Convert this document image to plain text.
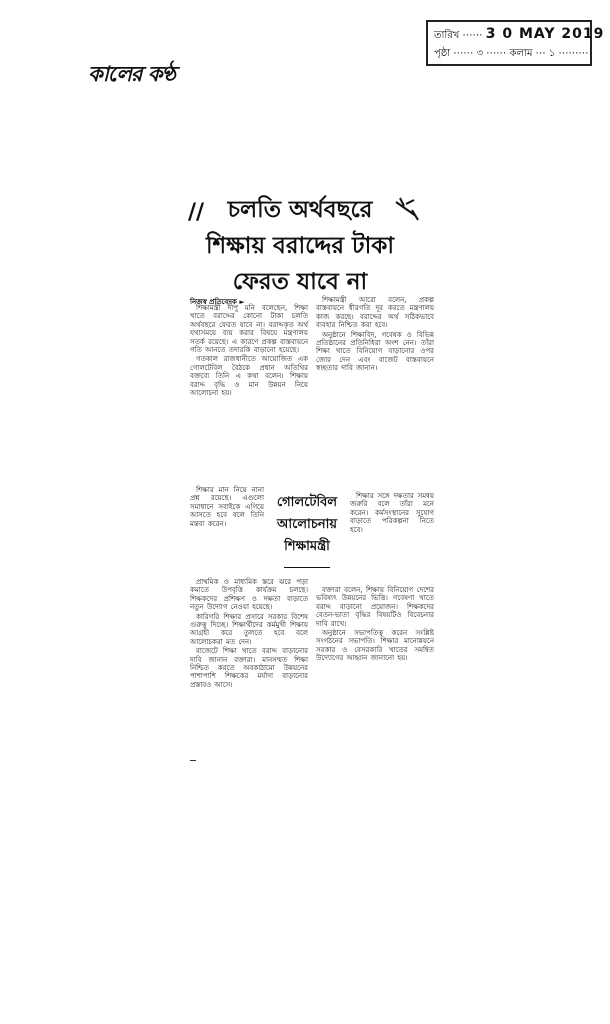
তারিখ ⋯⋯ 3 0 MAY 2019
পৃষ্ঠা ⋯⋯ ৩ ⋯⋯ কলাম ⋯ ১ ⋯⋯⋯
কালের কণ্ঠ
//	চলতি অর্থবছরে
শিক্ষায় বরাদ্দের টাকা
ফেরত যাবে না
নিজস্ব প্রতিবেদক ►

শিক্ষামন্ত্রী দীপু মনি বলেছেন, শিক্ষা খাতে বরাদ্দের কোনো টাকা চলতি অর্থবছরে ফেরত যাবে না। বরাদ্দকৃত অর্থ যথাসময়ে ব্যয় করার বিষয়ে মন্ত্রণালয় সতর্ক রয়েছে। এ কারণে প্রকল্প বাস্তবায়নে গতি আনতে তদারকি বাড়ানো হয়েছে।

গতকাল রাজধানীতে আয়োজিত এক গোলটেবিল বৈঠকে প্রধান অতিথির বক্তব্যে তিনি এ কথা বলেন। শিক্ষায় বরাদ্দ বৃদ্ধি ও মান উন্নয়ন নিয়ে আলোচনা হয়।

শিক্ষার মান নিয়ে নানা প্রশ্ন রয়েছে। এগুলো সমাধানে সবাইকে এগিয়ে আসতে হবে বলে তিনি মন্তব্য করেন।

প্রাথমিক ও মাধ্যমিক স্তরে ঝরে পড়া কমাতে উপবৃত্তি কার্যক্রম চলছে। শিক্ষকদের প্রশিক্ষণ ও দক্ষতা বাড়াতে নতুন উদ্যোগ নেওয়া হয়েছে।

কারিগরি শিক্ষার প্রসারে সরকার বিশেষ গুরুত্ব দিচ্ছে। শিক্ষার্থীদের কর্মমুখী শিক্ষায় আগ্রহী করে তুলতে হবে বলে আলোচকরা মত দেন।

বাজেটে শিক্ষা খাতে বরাদ্দ বাড়ানোর দাবি জানান বক্তারা। মানসম্মত শিক্ষা নিশ্চিত করতে অবকাঠামো উন্নয়নের পাশাপাশি শিক্ষকের মর্যাদা বাড়ানোর প্রস্তাবও আসে।

শিক্ষামন্ত্রী আরো বলেন, প্রকল্প বাস্তবায়নে ধীরগতি দূর করতে মন্ত্রণালয় কাজ করছে। বরাদ্দের অর্থ সঠিকভাবে ব্যবহার নিশ্চিত করা হবে।

অনুষ্ঠানে শিক্ষাবিদ, গবেষক ও বিভিন্ন প্রতিষ্ঠানের প্রতিনিধিরা অংশ নেন। তাঁরা শিক্ষা খাতে বিনিয়োগ বাড়ানোর ওপর জোর দেন এবং বাজেট বাস্তবায়নে স্বচ্ছতার দাবি জানান।

শিক্ষার সঙ্গে দক্ষতার সমন্বয় জরুরি বলে তাঁরা মনে করেন। কর্মসংস্থানের সুযোগ বাড়াতে পরিকল্পনা নিতে হবে।

বক্তারা বলেন, শিক্ষায় বিনিয়োগ দেশের ভবিষ্যৎ উন্নয়নের ভিত্তি। গবেষণা খাতে বরাদ্দ বাড়ানো প্রয়োজন। শিক্ষকদের বেতন-ভাতা বৃদ্ধির বিষয়টিও বিবেচনার দাবি রাখে।

অনুষ্ঠানে সভাপতিত্ব করেন সংশ্লিষ্ট সংগঠনের সভাপতি। শিক্ষার মানোন্নয়নে সরকার ও বেসরকারি খাতের সমন্বিত উদ্যোগের আহ্বান জানানো হয়।

গোলটেবিল
আলোচনায়
শিক্ষামন্ত্রী
